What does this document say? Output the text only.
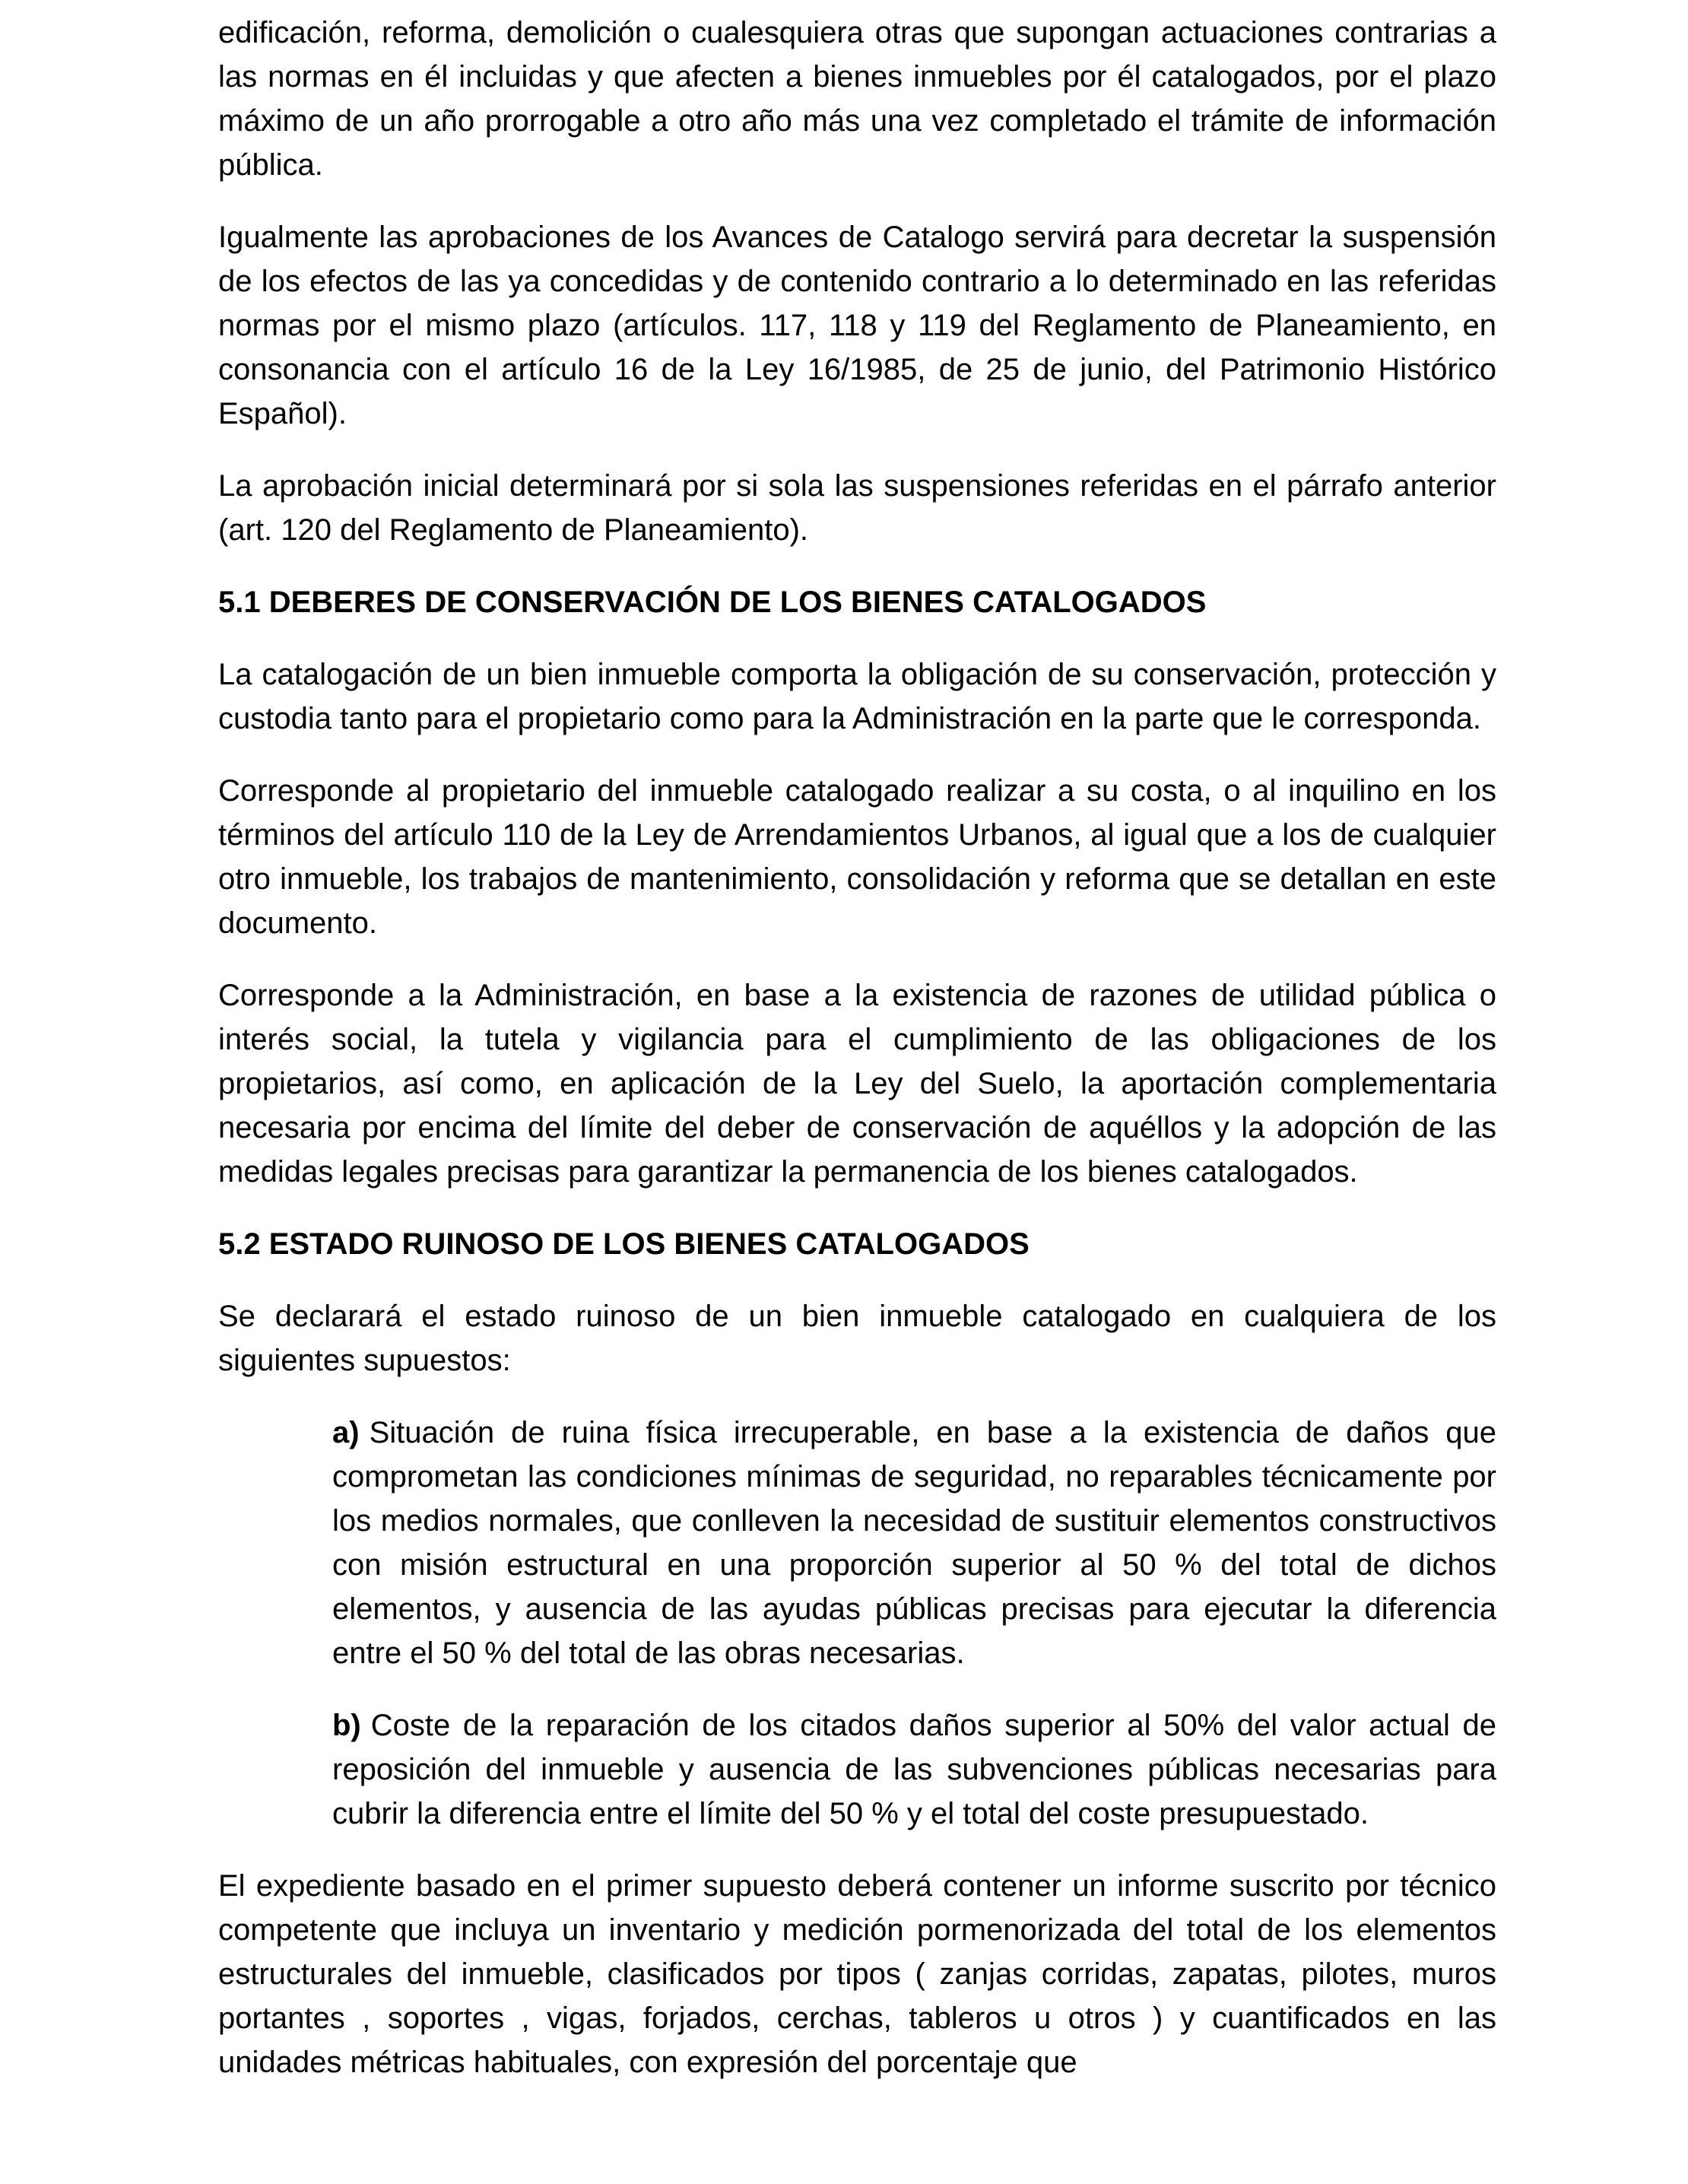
edificación, reforma, demolición o cualesquiera otras que supongan actuaciones contrarias a las normas en él incluidas y que afecten a bienes inmuebles por él catalogados, por el plazo máximo de un año prorrogable a otro año más una vez completado el trámite de información pública.

Igualmente las aprobaciones de los Avances de Catalogo servirá para decretar la suspensión de los efectos de las ya concedidas y de contenido contrario a lo determinado en las referidas normas por el mismo plazo (artículos. 117, 118 y 119 del Reglamento de Planeamiento, en consonancia con el artículo 16 de la Ley 16/1985, de 25 de junio, del Patrimonio Histórico Español).

La aprobación inicial determinará por si sola las suspensiones referidas en el párrafo anterior (art. 120 del Reglamento de Planeamiento).

5.1 DEBERES DE CONSERVACIÓN DE LOS BIENES CATALOGADOS

La catalogación de un bien inmueble comporta la obligación de su conservación, protección y custodia tanto para el propietario como para la Administración en la parte que le corresponda.

Corresponde al propietario del inmueble catalogado realizar a su costa, o al inquilino en los términos del artículo 110 de la Ley de Arrendamientos Urbanos, al igual que a los de cualquier otro inmueble, los trabajos de mantenimiento, consolidación y reforma que se detallan en este documento.

Corresponde a la Administración, en base a la existencia de razones de utilidad pública o interés social, la tutela y vigilancia para el cumplimiento de las obligaciones de los propietarios, así como, en aplicación de la Ley del Suelo, la aportación complementaria necesaria por encima del límite del deber de conservación de aquéllos y la adopción de las medidas legales precisas para garantizar la permanencia de los bienes catalogados.

5.2 ESTADO RUINOSO DE LOS BIENES CATALOGADOS

Se declarará el estado ruinoso de un bien inmueble catalogado en cualquiera de los siguientes supuestos:

a) Situación de ruina física irrecuperable, en base a la existencia de daños que comprometan las condiciones mínimas de seguridad, no reparables técnicamente por los medios normales, que conlleven la necesidad de sustituir elementos constructivos con misión estructural en una proporción superior al 50 % del total de dichos elementos, y ausencia de las ayudas públicas precisas para ejecutar la diferencia entre el 50 % del total de las obras necesarias.

b) Coste de la reparación de los citados daños superior al 50% del valor actual de reposición del inmueble y ausencia de las subvenciones públicas necesarias para cubrir la diferencia entre el límite del 50 % y el total del coste presupuestado.

El expediente basado en el primer supuesto deberá contener un informe suscrito por técnico competente que incluya un inventario y medición pormenorizada del total de los elementos estructurales del inmueble, clasificados por tipos ( zanjas corridas, zapatas, pilotes, muros portantes , soportes , vigas, forjados, cerchas, tableros u otros ) y cuantificados en las unidades métricas habituales, con expresión del porcentaje que
